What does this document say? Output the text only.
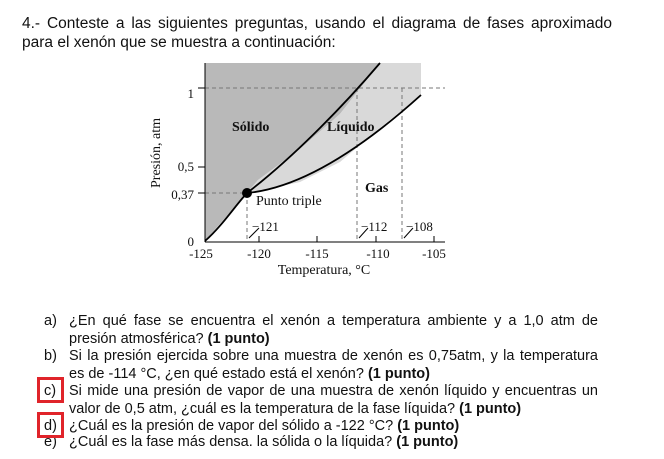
4.- Conteste a las siguientes preguntas, usando el diagrama de fases aproximado
para el xenón que se muestra a continuación:
Presión, atm
1
0,5
0,37
0
-125	-120	-115	-110 -105
Temperatura, °C
Sólido	Líquido
Gas
Punto triple
−121	−112 −108
a) ¿En qué fase se encuentra el xenón a temperatura ambiente y a 1,0 atm de presión atmosférica? (1 punto)
b) Si la presión ejercida sobre una muestra de xenón es 0,75atm, y la temperatura es de -114 °C, ¿en qué estado está el xenón? (1 punto)
c) Si mide una presión de vapor de una muestra de xenón líquido y encuentras un valor de 0,5 atm, ¿cuál es la temperatura de la fase líquida? (1 punto)
d) ¿Cuál es la presión de vapor del sólido a -122 °C? (1 punto)
e) ¿Cuál es la fase más densa. la sólida o la líquida? (1 punto)
